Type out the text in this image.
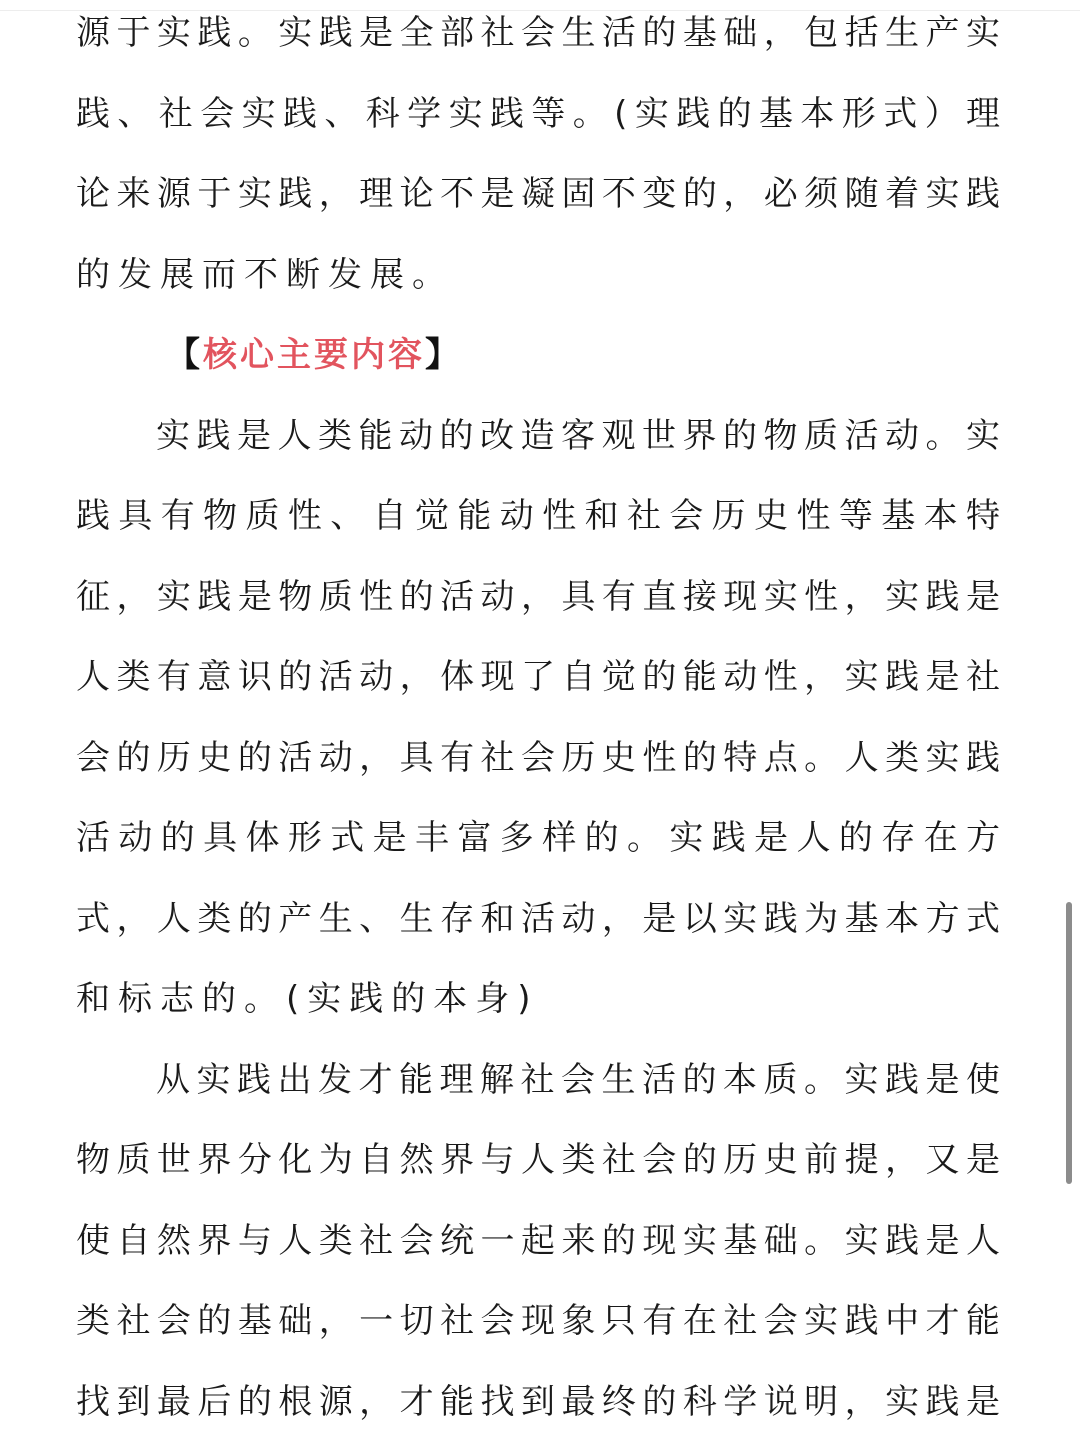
源于实践。实践是全部社会生活的基础，包括生产实
践、社会实践、科学实践等。(实践的基本形式）理
论来源于实践，理论不是凝固不变的，必须随着实践
的发展而不断发展。
【核心主要内容】
实践是人类能动的改造客观世界的物质活动。实
践具有物质性、自觉能动性和社会历史性等基本特
征，实践是物质性的活动，具有直接现实性，实践是
人类有意识的活动，体现了自觉的能动性，实践是社
会的历史的活动，具有社会历史性的特点。人类实践
活动的具体形式是丰富多样的。实践是人的存在方
式，人类的产生、生存和活动，是以实践为基本方式
和标志的。(实践的本身)
从实践出发才能理解社会生活的本质。实践是使
物质世界分化为自然界与人类社会的历史前提，又是
使自然界与人类社会统一起来的现实基础。实践是人
类社会的基础，一切社会现象只有在社会实践中才能
找到最后的根源，才能找到最终的科学说明，实践是
